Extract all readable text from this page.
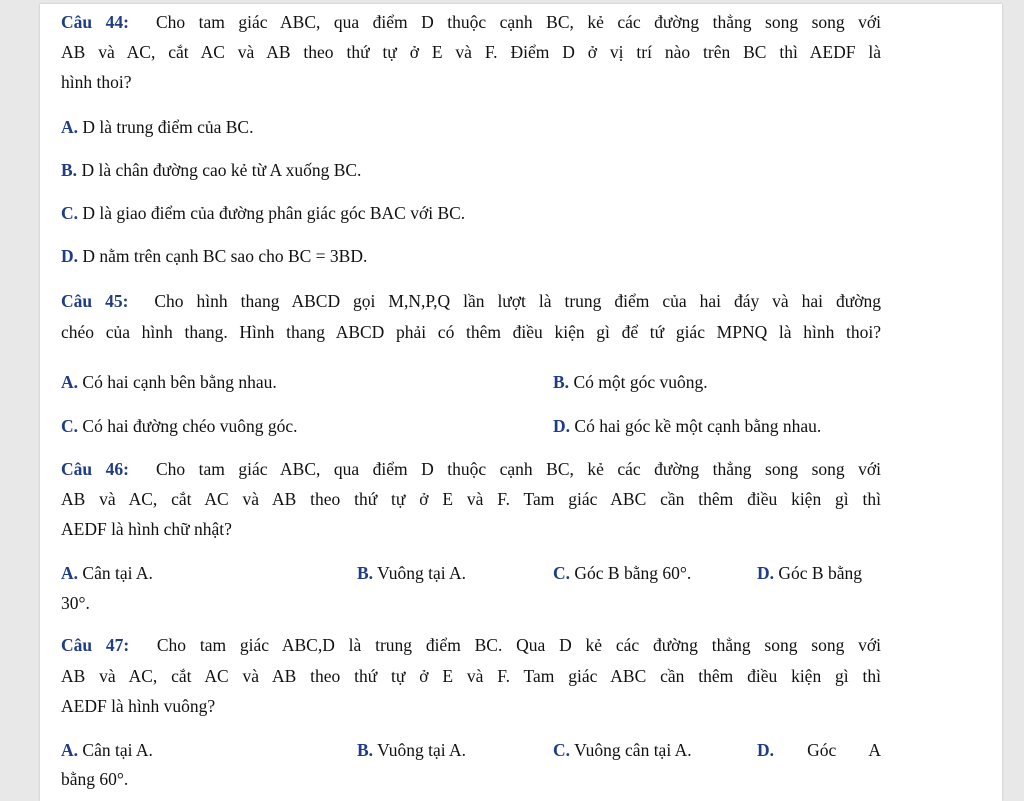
Câu 44: Cho tam giác ABC, qua điểm D thuộc cạnh BC, kẻ các đường thẳng song song với
AB và AC, cắt AC và AB theo thứ tự ở E và F. Điểm D ở vị trí nào trên BC thì AEDF là
hình thoi?
A. D là trung điểm của BC.
B. D là chân đường cao kẻ từ A xuống BC.
C. D là giao điểm của đường phân giác góc BAC với BC.
D. D nằm trên cạnh BC sao cho BC = 3BD.
Câu 45: Cho hình thang ABCD gọi M,N,P,Q lần lượt là trung điểm của hai đáy và hai đường
chéo của hình thang. Hình thang ABCD phải có thêm điều kiện gì để tứ giác MPNQ là hình thoi?
A. Có hai cạnh bên bằng nhau.	B. Có một góc vuông.
C. Có hai đường chéo vuông góc.	D. Có hai góc kề một cạnh bằng nhau.
Câu 46: Cho tam giác ABC, qua điểm D thuộc cạnh BC, kẻ các đường thẳng song song với
AB và AC, cắt AC và AB theo thứ tự ở E và F. Tam giác ABC cần thêm điều kiện gì thì
AEDF là hình chữ nhật?
A. Cân tại A.	B. Vuông tại A.	C. Góc B bằng 60°.	D. Góc B bằng
30°.
Câu 47: Cho tam giác ABC,D là trung điểm BC. Qua D kẻ các đường thẳng song song với
AB và AC, cắt AC và AB theo thứ tự ở E và F. Tam giác ABC cần thêm điều kiện gì thì
AEDF là hình vuông?
A. Cân tại A.	B. Vuông tại A.	C. Vuông cân tại A.	D. Góc A
bằng 60°.
